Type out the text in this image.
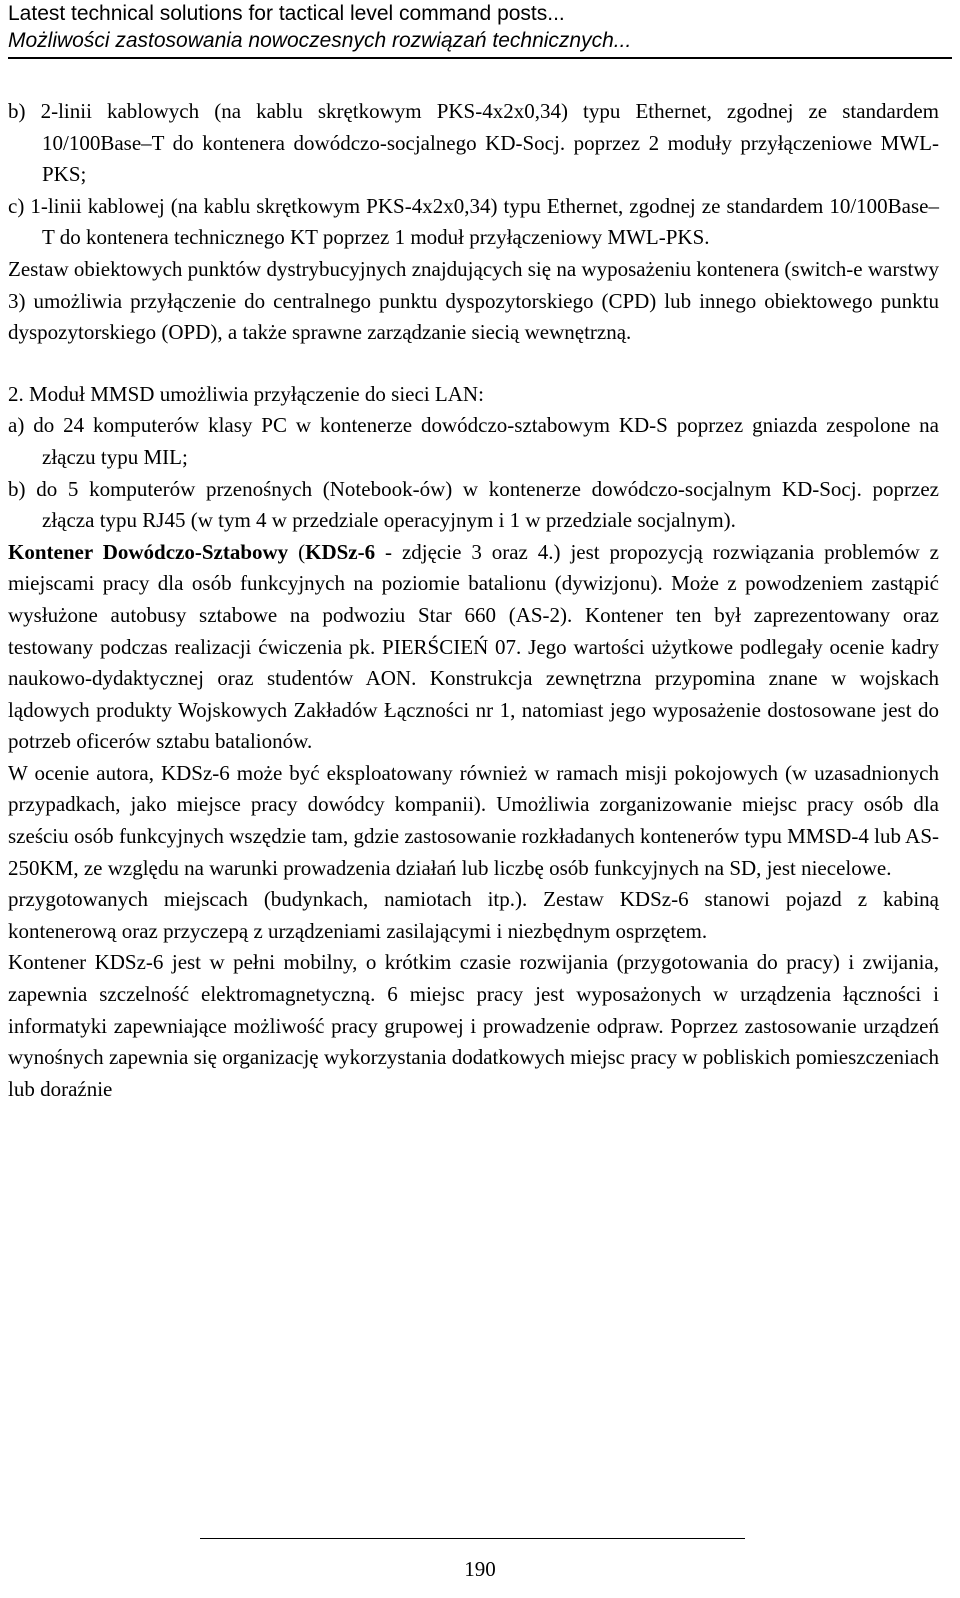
Latest technical solutions for tactical level command posts...

Możliwości zastosowania nowoczesnych rozwiązań technicznych...

b) 2-linii kablowych (na kablu skrętkowym PKS-4x2x0,34) typu Ethernet, zgodnej ze standardem 10/100Base–T do kontenera dowódczo-socjalnego KD-Socj. poprzez 2 moduły przyłączeniowe MWL-PKS;

c) 1-linii kablowej (na kablu skrętkowym PKS-4x2x0,34) typu Ethernet, zgodnej ze standardem 10/100Base–T do kontenera technicznego KT poprzez 1 moduł przyłączeniowy MWL-PKS.

Zestaw obiektowych punktów dystrybucyjnych znajdujących się na wyposażeniu kontenera (switch-e warstwy 3) umożliwia przyłączenie do centralnego punktu dyspozytorskiego (CPD) lub innego obiektowego punktu dyspozytorskiego (OPD), a także sprawne zarządzanie siecią wewnętrzną.

2. Moduł MMSD umożliwia przyłączenie do sieci LAN:

a) do 24 komputerów klasy PC w kontenerze dowódczo-sztabowym KD-S poprzez gniazda zespolone na złączu typu MIL;

b) do 5 komputerów przenośnych (Notebook-ów) w kontenerze dowódczo-socjalnym KD-Socj. poprzez złącza typu RJ45 (w tym 4 w przedziale operacyjnym i 1 w przedziale socjalnym).

Kontener Dowódczo-Sztabowy (KDSz-6 - zdjęcie 3 oraz 4.) jest propozycją rozwiązania problemów z miejscami pracy dla osób funkcyjnych na poziomie batalionu (dywizjonu). Może z powodzeniem zastąpić wysłużone autobusy sztabowe na podwoziu Star 660 (AS-2). Kontener ten był zaprezentowany oraz testowany podczas realizacji ćwiczenia pk. PIERŚCIEŃ 07. Jego wartości użytkowe podlegały ocenie kadry naukowo-dydaktycznej oraz studentów AON. Konstrukcja zewnętrzna przypomina znane w wojskach lądowych produkty Wojskowych Zakładów Łączności nr 1, natomiast jego wyposażenie dostosowane jest do potrzeb oficerów sztabu batalionów.

W ocenie autora, KDSz-6 może być eksploatowany również w ramach misji pokojowych (w uzasadnionych przypadkach, jako miejsce pracy dowódcy kompanii). Umożliwia zorganizowanie miejsc pracy osób dla sześciu osób funkcyjnych wszędzie tam, gdzie zastosowanie rozkładanych kontenerów typu MMSD-4 lub AS-250KM, ze względu na warunki prowadzenia działań lub liczbę osób funkcyjnych na SD, jest niecelowe.

przygotowanych miejscach (budynkach, namiotach itp.). Zestaw KDSz-6 stanowi pojazd z kabiną kontenerową oraz przyczepą z urządzeniami zasilającymi i niezbędnym osprzętem.

Kontener KDSz-6 jest w pełni mobilny, o krótkim czasie rozwijania (przygotowania do pracy) i zwijania, zapewnia szczelność elektromagnetyczną. 6 miejsc pracy jest wyposażonych w urządzenia łączności i informatyki zapewniające możliwość pracy grupowej i prowadzenie odpraw. Poprzez zastosowanie urządzeń wynośnych zapewnia się organizację wykorzystania dodatkowych miejsc pracy w pobliskich pomieszczeniach lub doraźnie

190
